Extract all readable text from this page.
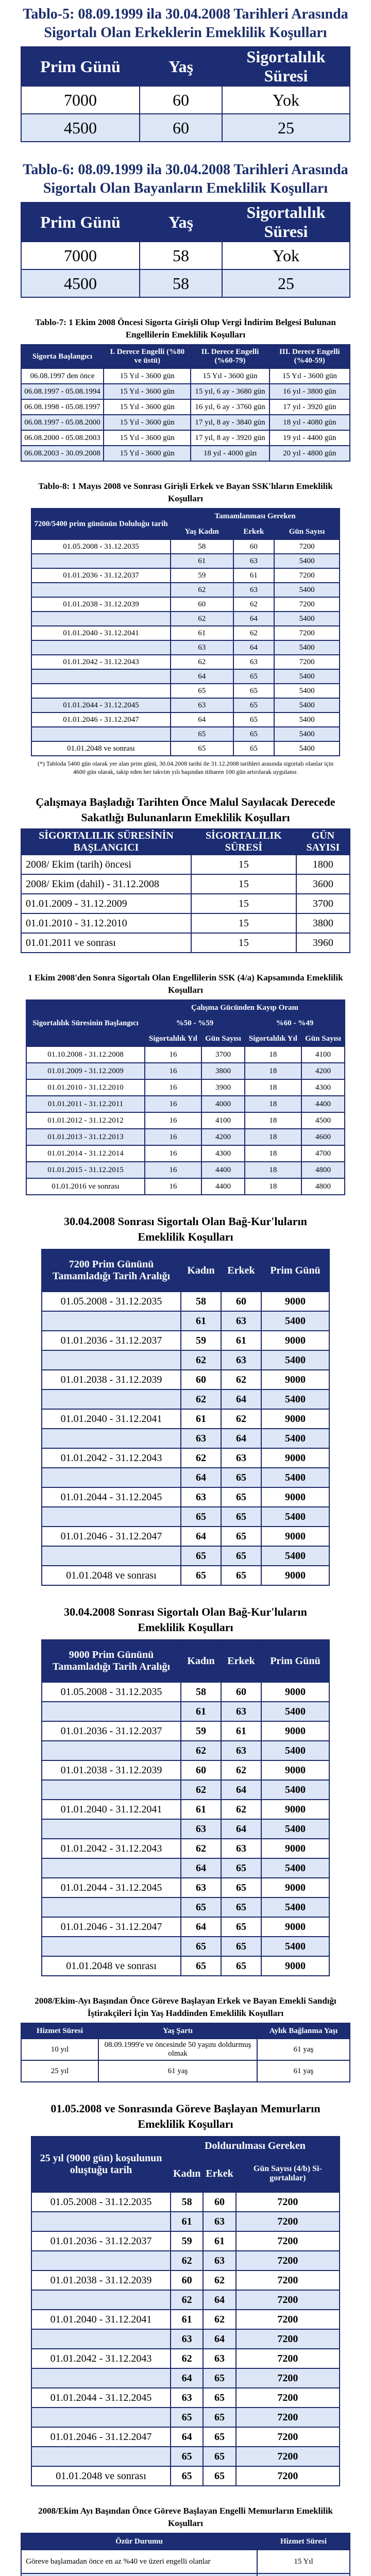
Tablo-5: 08.09.1999 ila 30.04.2008 Tarihleri Arasında Sigortalı Olan Erkeklerin Emeklilik Koşulları
Prim Günü	Yaş	Sigortalılık Süresi
7000	60	Yok
4500	60	25
Tablo-6: 08.09.1999 ila 30.04.2008 Tarihleri Arasında Sigortalı Olan Bayanların Emeklilik Koşulları
Prim Günü	Yaş	Sigortalılık Süresi
7000	58	Yok
4500	58	25
Tablo-7: 1 Ekim 2008 Öncesi Sigorta Girişli Olup Vergi İndirim Belgesi Bulunan Engellilerin Emeklilik Koşulları
Sigorta Başlangıcı	I. Derece Engelli (%80 ve üstü)	II. Derece Engelli (%60-79)	III. Derece Engelli (%40-59)
06.08.1997 den önce	15 Yıl - 3600 gün	15 Yıl - 3600 gün	15 Yıl - 3600 gün
06.08.1997 - 05.08.1994	15 Yıl - 3600 gün	15 yıl, 6 ay - 3680 gün	16 yıl - 3800 gün
06.08.1998 - 05.08.1997	15 Yıl - 3600 gün	16 yıl, 6 ay - 3760 gün	17 yıl - 3920 gün
06.08.1997 - 05.08.2000	15 Yıl - 3600 gün	17 yıl, 8 ay - 3840 gün	18 yıl - 4080 gün
06.08.2000 - 05.08.2003	15 Yıl - 3600 gün	17 yıl, 8 ay - 3920 gün	19 yıl - 4400 gün
06.08.2003 - 30.09.2008	15 Yıl - 3600 gün	18 yıl - 4000 gün	20 yıl - 4800 gün
Tablo-8: 1 Mayıs 2008 ve Sonrası Girişli Erkek ve Bayan SSK'lıların Emeklilik Koşulları
7200/5400 prim gününün Doluluğu tarih	Tamamlanması Gereken		
	Yaş Kadın	Erkek	Gün Sayısı
01.05.2008 - 31.12.2035	58	60	7200
	61	63	5400
01.01.2036 - 31.12.2037	59	61	7200
	62	63	5400
01.01.2038 - 31.12.2039	60	62	7200
	62	64	5400
01.01.2040 - 31.12.2041	61	62	7200
	63	64	5400
01.01.2042 - 31.12.2043	62	63	7200
	64	65	5400
	65	65	5400
01.01.2044 - 31.12.2045	63	65	5400
01.01.2046 - 31.12.2047	64	65	5400
	65	65	5400
01.01.2048 ve sonrası	65	65	5400
(*) Tabloda 5400 gün olarak yer alan prim günü, 30.04.2008 tarihi ile 31.12.2008 tarihleri arasında sigortalı olanlar için 4600 gün olarak, takip eden her takvim yılı başından itibaren 100 gün artırılarak uygulanır.
Çalışmaya Başladığı Tarihten Önce Malul Sayılacak Derecede Sakatlığı Bulunanların Emeklilik Koşulları
SİGORTALILIK SÜRESİNİN BAŞLANGICI	SİGORTALILIK SÜRESİ	GÜN SAYISI
2008/ Ekim (tarih) öncesi	15	1800
2008/ Ekim (dahil) - 31.12.2008	15	3600
01.01.2009 - 31.12.2009	15	3700
01.01.2010 - 31.12.2010	15	3800
01.01.2011 ve sonrası	15	3960
1 Ekim 2008'den Sonra Sigortalı Olan Engellilerin SSK (4/a) Kapsamında Emeklilik Koşulları
Sigortalılık Süresinin Başlangıcı	Çalışma Gücünden Kayıp Oranı			
	%50 - %59		%60 - %49	
	Sigortalılık Yıl	Gün Sayısı	Sigortalılık Yıl	Gün Sayısı
01.10.2008 - 31.12.2008	16	3700	18	4100
01.01.2009 - 31.12.2009	16	3800	18	4200
01.01.2010 - 31.12.2010	16	3900	18	4300
01.01.2011 - 31.12.2011	16	4000	18	4400
01.01.2012 - 31.12.2012	16	4100	18	4500
01.01.2013 - 31.12.2013	16	4200	18	4600
01.01.2014 - 31.12.2014	16	4300	18	4700
01.01.2015 - 31.12.2015	16	4400	18	4800
01.01.2016 ve sonrası	16	4400	18	4800
30.04.2008 Sonrası Sigortalı Olan Bağ-Kur'luların Emeklilik Koşulları
7200 Prim Gününü Tamamladığı Tarih Aralığı	Kadın	Erkek	Prim Günü
01.05.2008 - 31.12.2035	58	60	9000
	61	63	5400
01.01.2036 - 31.12.2037	59	61	9000
	62	63	5400
01.01.2038 - 31.12.2039	60	62	9000
	62	64	5400
01.01.2040 - 31.12.2041	61	62	9000
	63	64	5400
01.01.2042 - 31.12.2043	62	63	9000
	64	65	5400
01.01.2044 - 31.12.2045	63	65	9000
	65	65	5400
01.01.2046 - 31.12.2047	64	65	9000
	65	65	5400
01.01.2048 ve sonrası	65	65	9000
30.04.2008 Sonrası Sigortalı Olan Bağ-Kur'luların Emeklilik Koşulları
9000 Prim Gününü Tamamladığı Tarih Aralığı	Kadın	Erkek	Prim Günü
01.05.2008 - 31.12.2035	58	60	9000
	61	63	5400
01.01.2036 - 31.12.2037	59	61	9000
	62	63	5400
01.01.2038 - 31.12.2039	60	62	9000
	62	64	5400
01.01.2040 - 31.12.2041	61	62	9000
	63	64	5400
01.01.2042 - 31.12.2043	62	63	9000
	64	65	5400
01.01.2044 - 31.12.2045	63	65	9000
	65	65	5400
01.01.2046 - 31.12.2047	64	65	9000
	65	65	5400
01.01.2048 ve sonrası	65	65	9000
2008/Ekim-Ayı Başından Önce Göreve Başlayan Erkek ve Bayan Emekli Sandığı İştirakçileri İçin Yaş Haddinden Emeklilik Koşulları
Hizmet Süresi	Yaş Şartı	Aylık Bağlanma Yaşı
10 yıl	08.09.1999'e ve öncesinde 50 yaşını doldurmuş olmak	61 yaş
25 yıl	61 yaş	61 yaş
01.05.2008 ve Sonrasında Göreve Başlayan Memurların Emeklilik Koşulları
25 yıl (9000 gün) koşulunun oluştuğu tarih	Doldurulması Gereken		
	Kadın	Erkek	Gün Sayısı (4/b) Si-gortalılar)
01.05.2008 - 31.12.2035	58	60	7200
	61	63	7200
01.01.2036 - 31.12.2037	59	61	7200
	62	63	7200
01.01.2038 - 31.12.2039	60	62	7200
	62	64	7200
01.01.2040 - 31.12.2041	61	62	7200
	63	64	7200
01.01.2042 - 31.12.2043	62	63	7200
	64	65	7200
01.01.2044 - 31.12.2045	63	65	7200
	65	65	7200
01.01.2046 - 31.12.2047	64	65	7200
	65	65	7200
01.01.2048 ve sonrası	65	65	7200
2008/Ekim Ayı Başından Önce Göreve Başlayan Engelli Memurların Emeklilik Koşulları
Özür Durumu	Hizmet Süresi
Göreve başlamadan önce en az %40 ve üzeri engelli olanlar	15 Yıl
